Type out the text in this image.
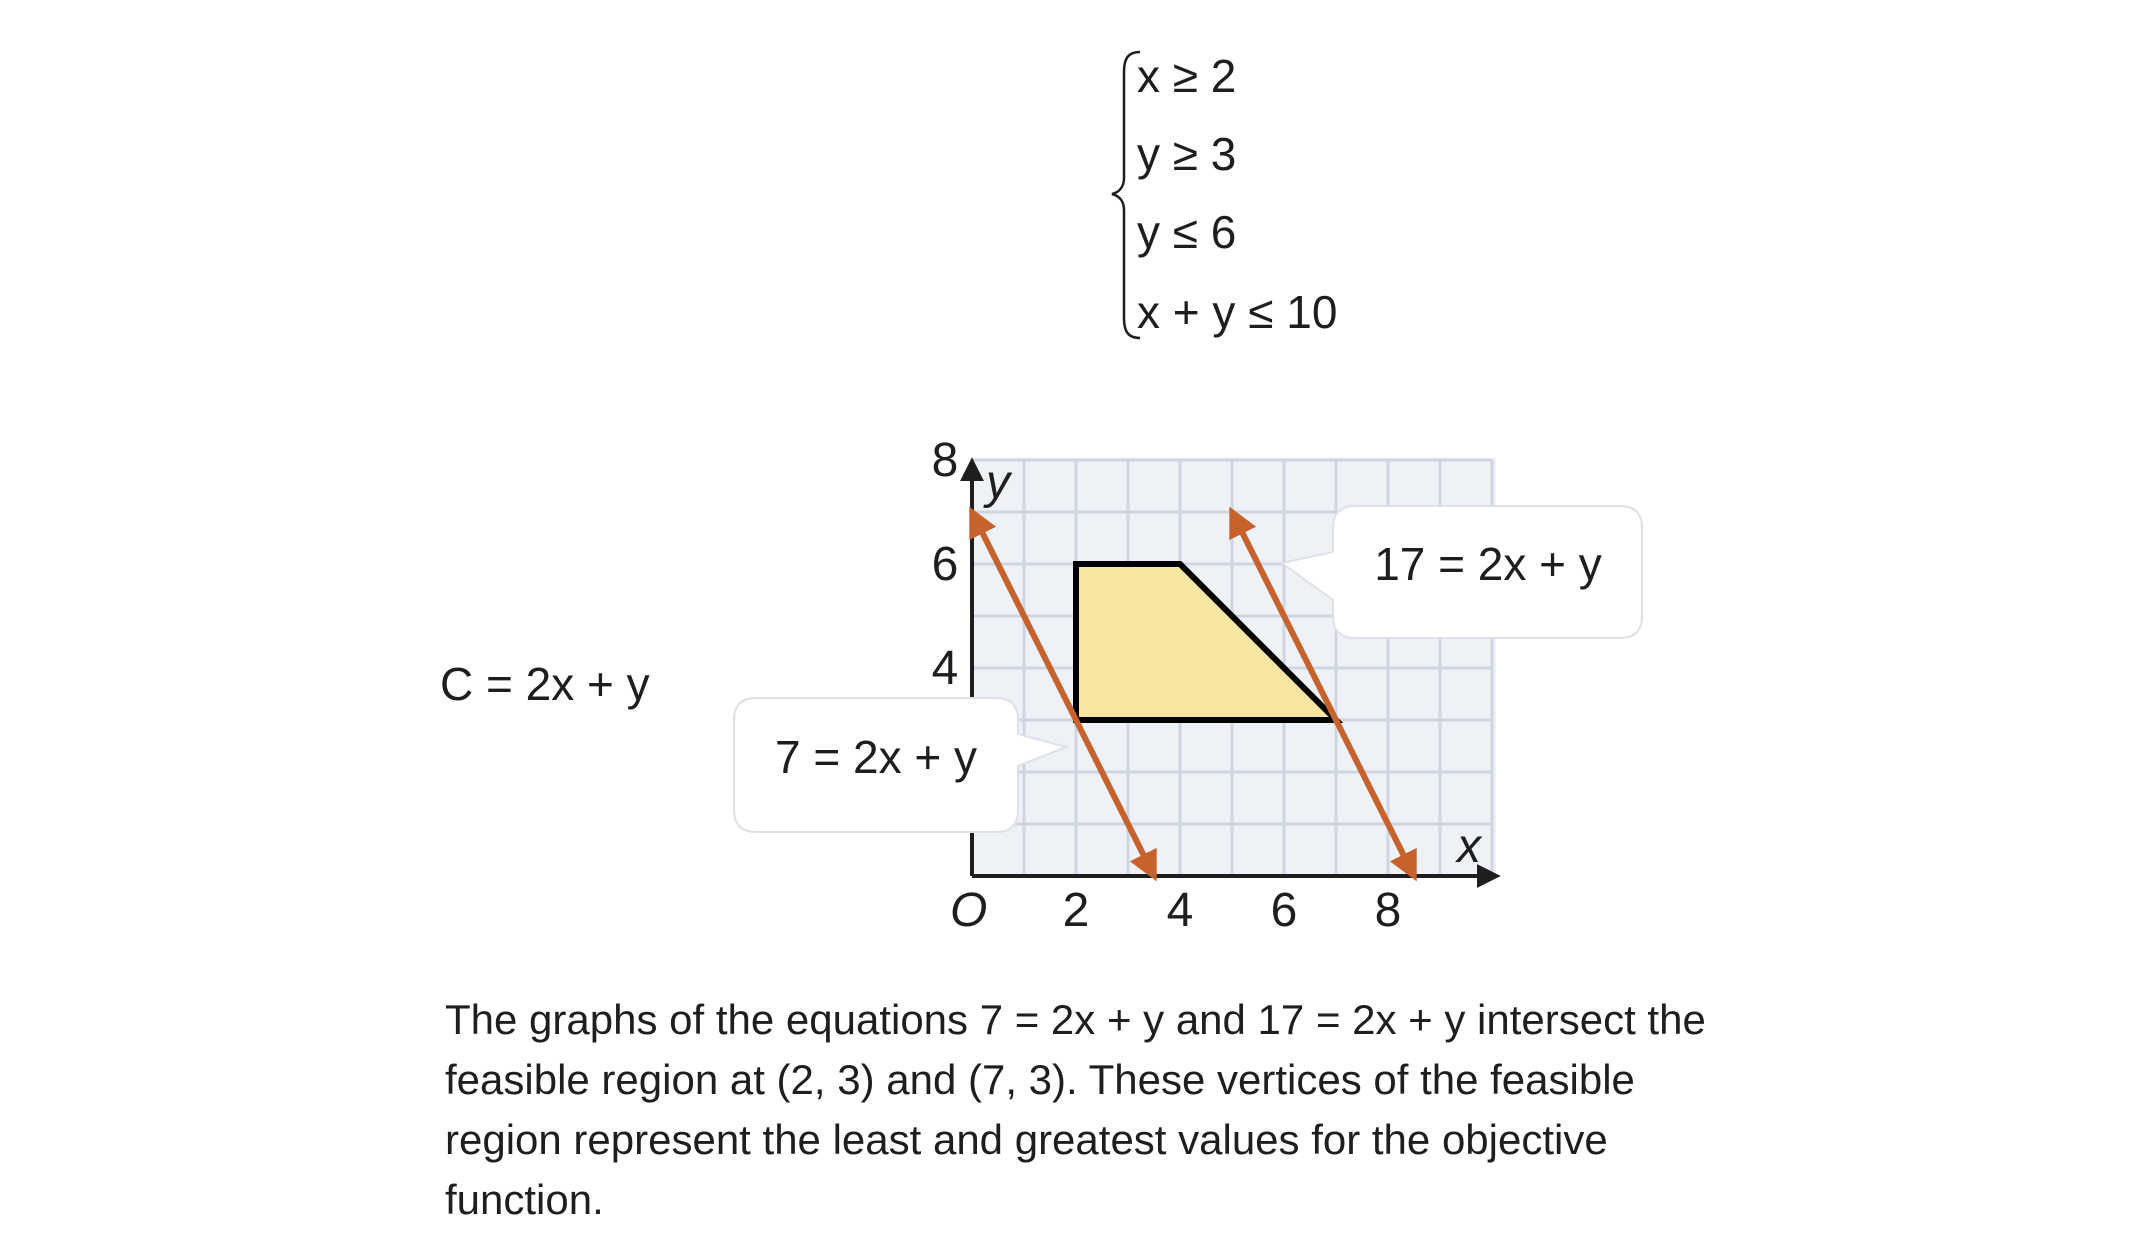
x ≥ 2
y ≥ 3
y ≤ 6
x + y ≤ 10
C = 2x + y
O 2 4 6 8
4
6
8 y
x
17 = 2x + y
7 = 2x + y

The graphs of the equations 7 = 2x + y and 17 = 2x + y intersect the feasible region at (2, 3) and (7, 3). These vertices of the feasible region represent the least and greatest values for the objective function.
